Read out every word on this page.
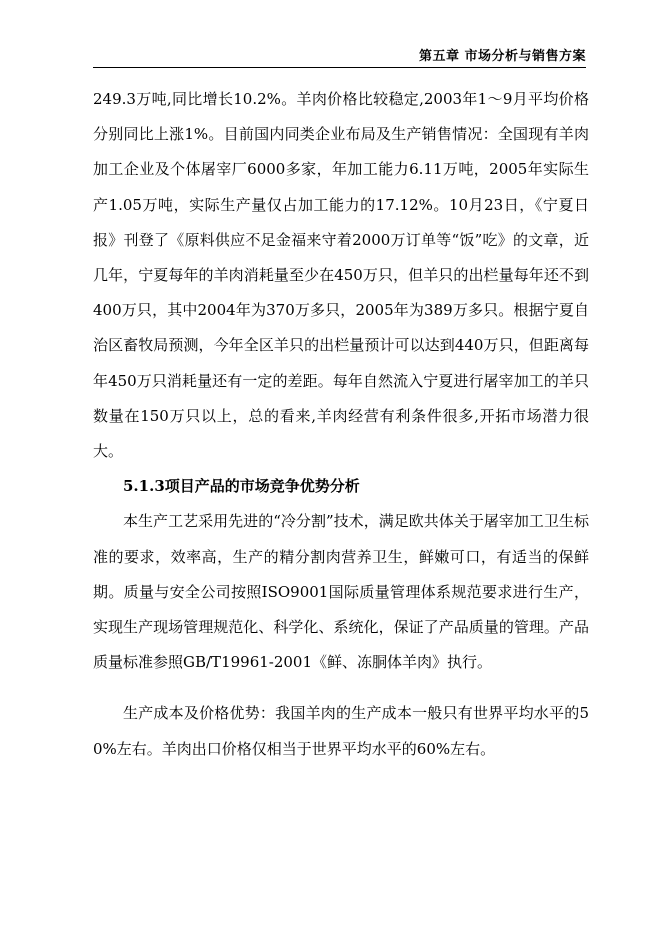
第五章 市场分析与销售方案

249.3万吨,同比增长10.2%。羊肉价格比较稳定,2003年1～9月平均价格分别同比上涨1%。目前国内同类企业布局及生产销售情况：全国现有羊肉加工企业及个体屠宰厂6000多家，年加工能力6.11万吨，2005年实际生产1.05万吨，实际生产量仅占加工能力的17.12%。10月23日，《宁夏日报》刊登了《原料供应不足金福来守着2000万订单等“饭”吃》的文章，近几年，宁夏每年的羊肉消耗量至少在450万只，但羊只的出栏量每年还不到400万只，其中2004年为370万多只，2005年为389万多只。根据宁夏自治区畜牧局预测，今年全区羊只的出栏量预计可以达到440万只，但距离每年450万只消耗量还有一定的差距。每年自然流入宁夏进行屠宰加工的羊只数量在150万只以上，总的看来,羊肉经营有利条件很多,开拓市场潜力很大。

5.1.3项目产品的市场竞争优势分析

本生产工艺采用先进的“冷分割”技术，满足欧共体关于屠宰加工卫生标准的要求，效率高，生产的精分割肉营养卫生，鲜嫩可口，有适当的保鲜期。质量与安全公司按照ISO9001国际质量管理体系规范要求进行生产，实现生产现场管理规范化、科学化、系统化，保证了产品质量的管理。产品质量标准参照GB/T19961-2001《鲜、冻胴体羊肉》执行。

生产成本及价格优势：我国羊肉的生产成本一般只有世界平均水平的50%左右。羊肉出口价格仅相当于世界平均水平的60%左右。
